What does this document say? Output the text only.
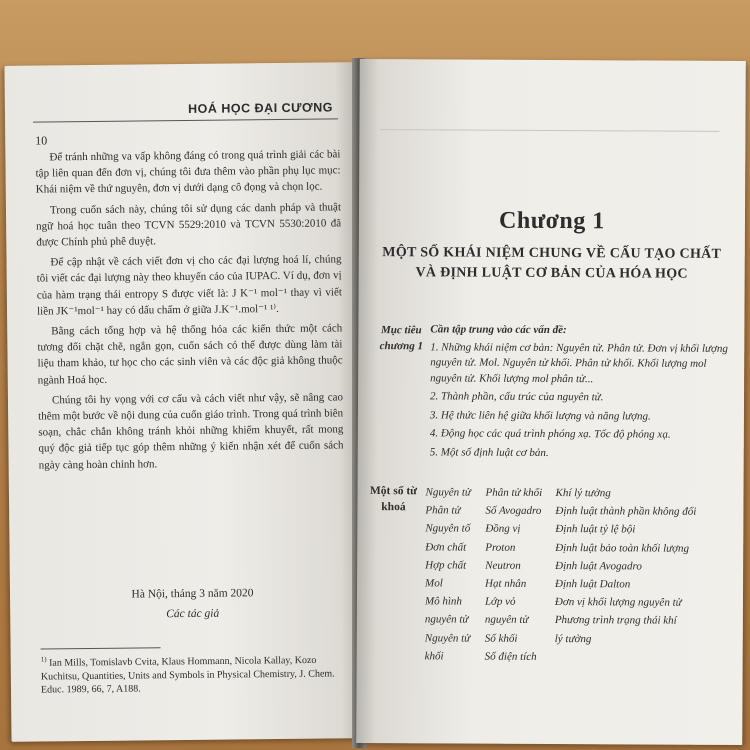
HOÁ HỌC ĐẠI CƯƠNG
10

Để tránh những va vấp không đáng có trong quá trình giải các bài tập liên quan đến đơn vị, chúng tôi đưa thêm vào phần phụ lục mục: Khái niệm về thứ nguyên, đơn vị dưới dạng cô đọng và chọn lọc.

Trong cuốn sách này, chúng tôi sử dụng các danh pháp và thuật ngữ hoá học tuân theo TCVN 5529:2010 và TCVN 5530:2010 đã được Chính phủ phê duyệt.

Để cập nhật về cách viết đơn vị cho các đại lượng hoá lí, chúng tôi viết các đại lượng này theo khuyến cáo của IUPAC. Ví dụ, đơn vị của hàm trạng thái entropy S được viết là: J K⁻¹ mol⁻¹ thay vì viết liền JK⁻¹mol⁻¹ hay có dấu chấm ở giữa J.K⁻¹.mol⁻¹ ¹⁾.

Bằng cách tổng hợp và hệ thống hóa các kiến thức một cách tương đối chặt chẽ, ngắn gọn, cuốn sách có thể được dùng làm tài liệu tham khảo, tư học cho các sinh viên và các độc giả không thuộc ngành Hoá học.

Chúng tôi hy vọng với cơ cấu và cách viết như vậy, sẽ nâng cao thêm một bước về nội dung của cuốn giáo trình. Trong quá trình biên soạn, chắc chắn không tránh khỏi những khiếm khuyết, rất mong quý độc giả tiếp tục góp thêm những ý kiến nhận xét để cuốn sách ngày càng hoàn chỉnh hơn.

Hà Nội, tháng 3 năm 2020
Các tác giả
$^{1)}$ Ian Mills, Tomislavb Cvita, Klaus Hommann, Nicola Kallay, Kozo Kuchitsu, Quantities, Units and Symbols in Physical Chemistry, J. Chem. Educ. 1989, 66, 7, A188.
Chương 1
MỘT SỐ KHÁI NIỆM CHUNG VỀ CẤU TẠO CHẤT
VÀ ĐỊNH LUẬT CƠ BẢN CỦA HÓA HỌC
Mục tiêu chương 1
Cần tập trung vào các vấn đề:
1. Những khái niệm cơ bản: Nguyên tử. Phân tử. Đơn vị khối lượng nguyên tử. Mol. Nguyên tử khối. Phân tử khối. Khối lượng mol nguyên tử. Khối lượng mol phân tử...
2. Thành phần, cấu trúc của nguyên tử.
3. Hệ thức liên hệ giữa khối lượng và năng lượng.
4. Động học các quá trình phóng xạ. Tốc độ phóng xạ.
5. Một số định luật cơ bản.
Một số từ khoá
Nguyên tử
Phân tử
Nguyên tố
Đơn chất
Hợp chất
Mol
Mô hình
nguyên tử
Nguyên tử
khối
Phân tử khối
Số Avogadro
Đồng vị
Proton
Neutron
Hạt nhân
Lớp vỏ
nguyên tử
Số khối
Số điện tích
Khí lý tưởng
Định luật thành phần không đổi
Định luật tỷ lệ bội
Định luật bảo toàn khối lượng
Định luật Avogadro
Định luật Dalton
Đơn vị khối lượng nguyên tử
Phương trình trạng thái khí
lý tưởng
